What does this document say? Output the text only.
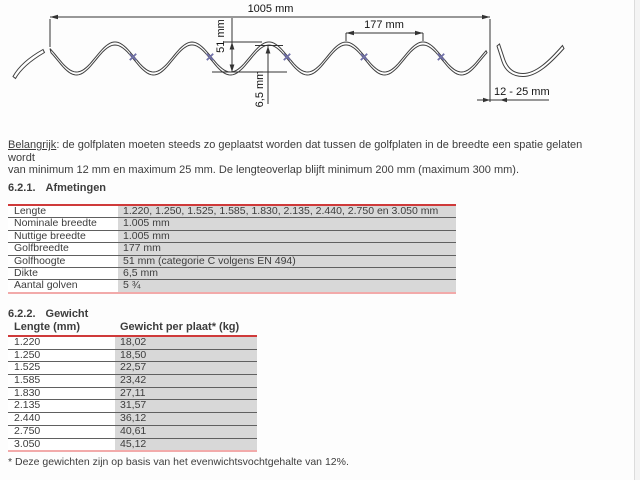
1005 mm
177 mm
51 mm
6,5 mm	12 - 25 mm
Belangrijk: de golfplaten moeten steeds zo geplaatst worden dat tussen de golfplaten in de breedte een spatie gelaten wordt
van minimum 12 mm en maximum 25 mm. De lengteoverlap blijft minimum 200 mm (maximum 300 mm).
6.2.1. Afmetingen
Lengte	1.220, 1.250, 1.525, 1.585, 1.830, 2.135, 2.440, 2.750 en 3.050 mm
Nominale breedte	1.005 mm
Nuttige breedte	1.005 mm
Golfbreedte	177 mm
Golfhoogte	51 mm (categorie C volgens EN 494)
Dikte	6,5 mm
Aantal golven	5 ¾
6.2.2. Gewicht
Lengte (mm)	Gewicht per plaat* (kg)
1.220	18,02
1.250	18,50
1.525	22,57
1.585	23,42
1.830	27,11
2.135	31,57
2.440	36,12
2.750	40,61
3.050	45,12
* Deze gewichten zijn op basis van het evenwichtsvochtgehalte van 12%.
